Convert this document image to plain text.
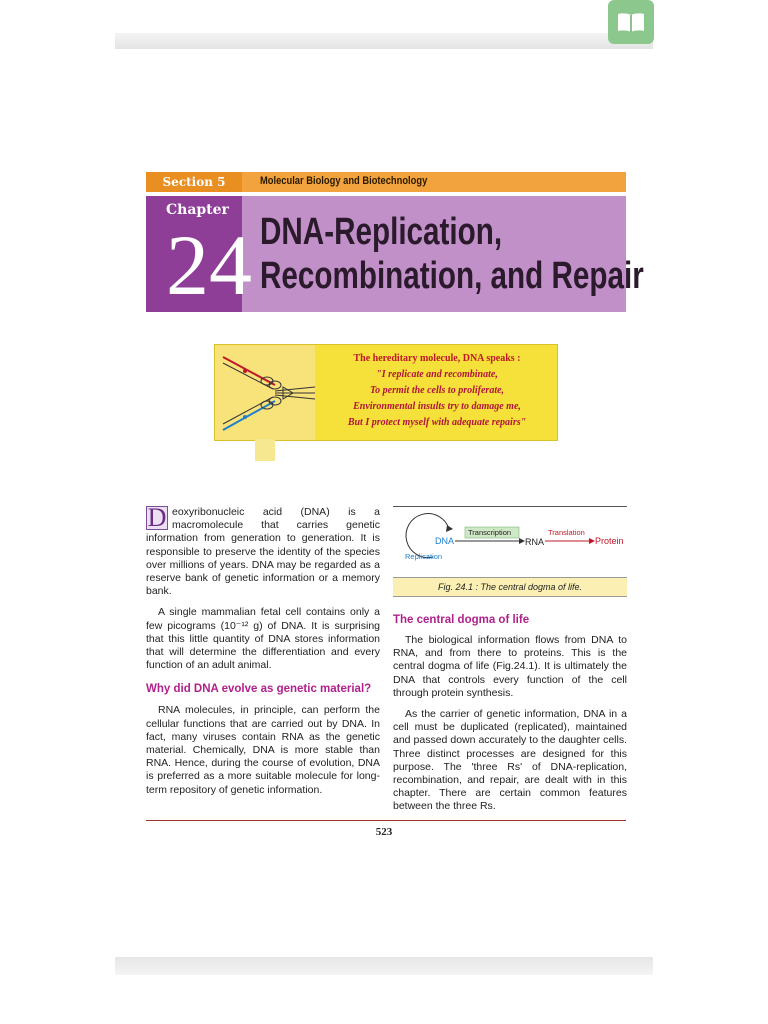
Section 5	Molecular Biology and Biotechnology
Chapter
24 DNA-Replication,
Recombination, and Repair
The hereditary molecule, DNA speaks :
"I replicate and recombinate,
To permit the cells to proliferate,
Environmental insults try to damage me,
But I protect myself with adequate repairs"

D eoxyribonucleic acid (DNA) is a macromolecule that carries genetic information from generation to generation. It is responsible to preserve the identity of the species over millions of years. DNA may be regarded as a reserve bank of genetic information or a memory bank.

A single mammalian fetal cell contains only a few picograms (10⁻¹² g) of DNA. It is surprising that this little quantity of DNA stores information that will determine the differentiation and every function of an adult animal.

Why did DNA evolve as genetic material?

RNA molecules, in principle, can perform the cellular functions that are carried out by DNA. In fact, many viruses contain RNA as the genetic material. Chemically, DNA is more stable than RNA. Hence, during the course of evolution, DNA is preferred as a more suitable molecule for long-term repository of genetic information.

DNA
Transcription
RNA
Translation
Protein
Replication
Fig. 24.1 : The central dogma of life.
The central dogma of life

The biological information flows from DNA to RNA, and from there to proteins. This is the central dogma of life (Fig.24.1). It is ultimately the DNA that controls every function of the cell through protein synthesis.

As the carrier of genetic information, DNA in a cell must be duplicated (replicated), maintained and passed down accurately to the daughter cells. Three distinct processes are designed for this purpose. The 'three Rs' of DNA-replication, recombination, and repair, are dealt with in this chapter. There are certain common features between the three Rs.

523
